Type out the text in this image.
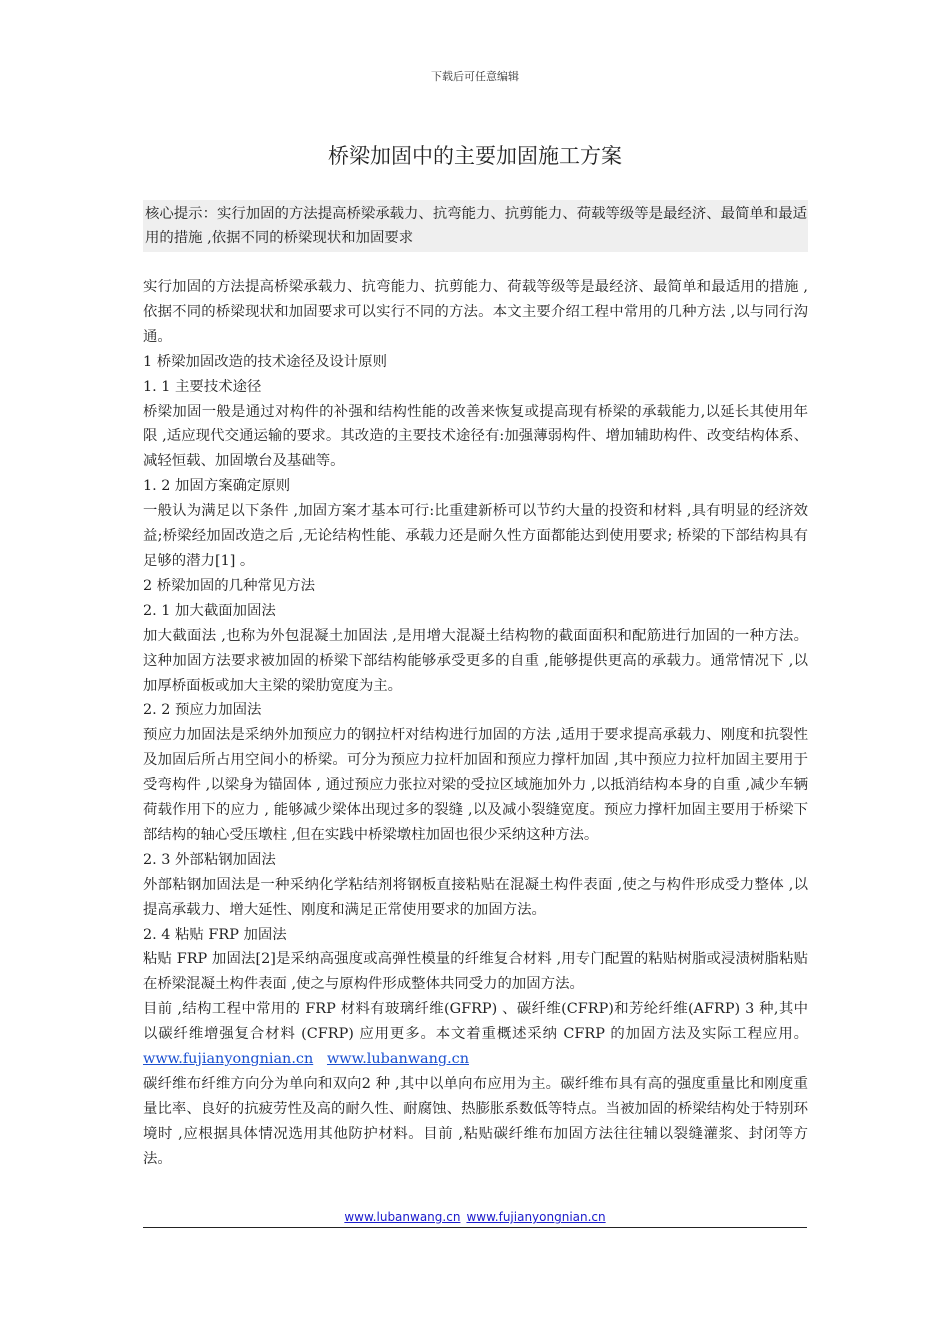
下载后可任意编辑
桥梁加固中的主要加固施工方案
核心提示：实行加固的方法提高桥梁承载力、抗弯能力、抗剪能力、荷载等级等是最经济、最简单和最适用的措施 ,依据不同的桥梁现状和加固要求

实行加固的方法提高桥梁承载力、抗弯能力、抗剪能力、荷载等级等是最经济、最简单和最适用的措施 ,依据不同的桥梁现状和加固要求可以实行不同的方法。本文主要介绍工程中常用的几种方法 ,以与同行沟通。

1 桥梁加固改造的技术途径及设计原则

1. 1 主要技术途径

桥梁加固一般是通过对构件的补强和结构性能的改善来恢复或提高现有桥梁的承载能力,以延长其使用年限 ,适应现代交通运输的要求。其改造的主要技术途径有:加强薄弱构件、增加辅助构件、改变结构体系、减轻恒载、加固墩台及基础等。

1. 2 加固方案确定原则

一般认为满足以下条件 ,加固方案才基本可行:比重建新桥可以节约大量的投资和材料 ,具有明显的经济效益;桥梁经加固改造之后 ,无论结构性能、承载力还是耐久性方面都能达到使用要求; 桥梁的下部结构具有足够的潜力[1] 。

2 桥梁加固的几种常见方法

2. 1 加大截面加固法

加大截面法 ,也称为外包混凝土加固法 ,是用增大混凝土结构物的截面面积和配筋进行加固的一种方法。这种加固方法要求被加固的桥梁下部结构能够承受更多的自重 ,能够提供更高的承载力。通常情况下 ,以加厚桥面板或加大主梁的梁肋宽度为主。

2. 2 预应力加固法

预应力加固法是采纳外加预应力的钢拉杆对结构进行加固的方法 ,适用于要求提高承载力、刚度和抗裂性及加固后所占用空间小的桥梁。可分为预应力拉杆加固和预应力撑杆加固 ,其中预应力拉杆加固主要用于受弯构件 ,以梁身为锚固体 , 通过预应力张拉对梁的受拉区域施加外力 ,以抵消结构本身的自重 ,减少车辆荷载作用下的应力 , 能够减少梁体出现过多的裂缝 ,以及减小裂缝宽度。预应力撑杆加固主要用于桥梁下部结构的轴心受压墩柱 ,但在实践中桥梁墩柱加固也很少采纳这种方法。

2. 3 外部粘钢加固法

外部粘钢加固法是一种采纳化学粘结剂将钢板直接粘贴在混凝土构件表面 ,使之与构件形成受力整体 ,以提高承载力、增大延性、刚度和满足正常使用要求的加固方法。

2. 4 粘贴 FRP 加固法

粘贴 FRP 加固法[2]是采纳高强度或高弹性模量的纤维复合材料 ,用专门配置的粘贴树脂或浸渍树脂粘贴在桥梁混凝土构件表面 ,使之与原构件形成整体共同受力的加固方法。

目前 ,结构工程中常用的 FRP 材料有玻璃纤维(GFRP) 、碳纤维(CFRP)和芳纶纤维(AFRP) 3 种,其中以碳纤维增强复合材料 (CFRP) 应用更多。本文着重概述采纳 CFRP 的加固方法及实际工程应用。www.fujianyongnian.cn www.lubanwang.cn

碳纤维布纤维方向分为单向和双向2 种 ,其中以单向布应用为主。碳纤维布具有高的强度重量比和刚度重量比率、良好的抗疲劳性及高的耐久性、耐腐蚀、热膨胀系数低等特点。当被加固的桥梁结构处于特别环境时 ,应根据具体情况选用其他防护材料。目前 ,粘贴碳纤维布加固方法往往辅以裂缝灌浆、封闭等方法。

www.lubanwang.cn www.fujianyongnian.cn
